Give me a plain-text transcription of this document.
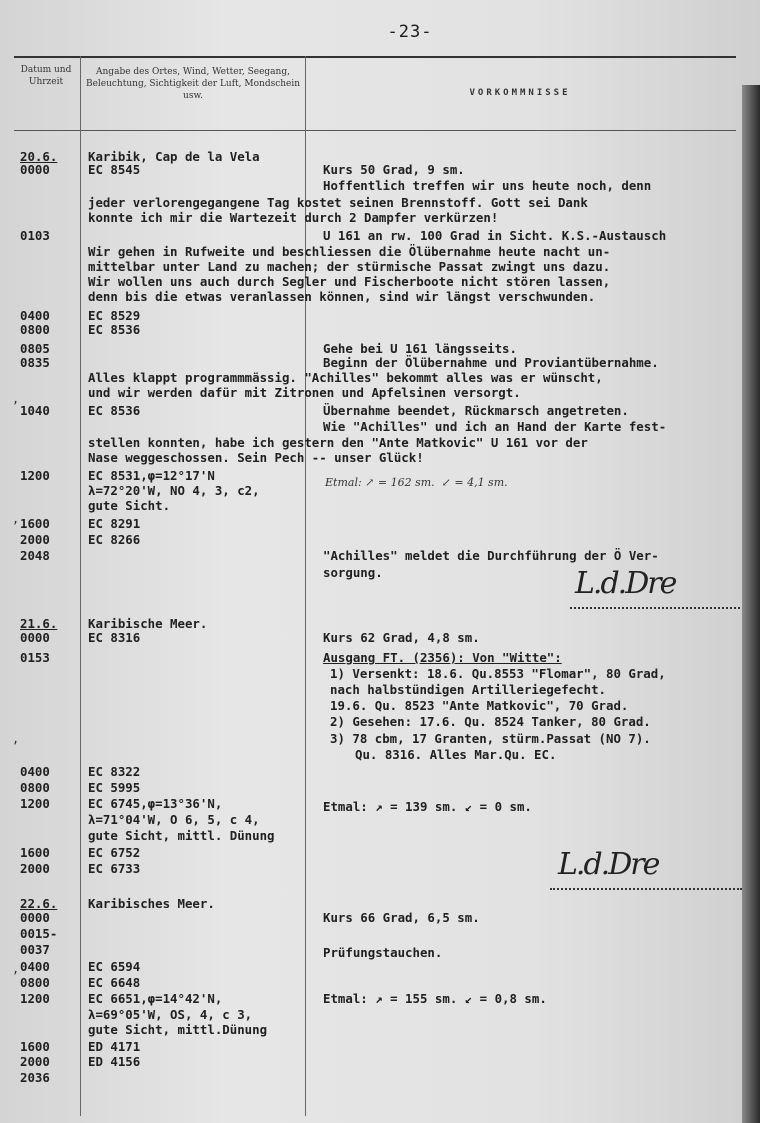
-23-
Datum und Uhrzeit
Angabe des Ortes, Wind, Wetter, Seegang, Beleuchtung, Sichtigkeit der Luft, Mondschein usw.	VORKOMMNISSE
20.6.
0000
0103
0400
0800
0805
0835
1040
1200
1600
2000
2048
21.6.
0000
0153
0400
0800
1200
1600
2000
22.6.
0000
0015-
0037
0400
0800
1200
1600
2000
2036
Karibik, Cap de la Vela
EC 8545
EC 8529
EC 8536
EC 8536
EC 8531,φ=12°17'N
λ=72°20'W, NO 4, 3, c2,
gute Sicht.
EC 8291
EC 8266
Karibische Meer.
EC 8316
EC 8322
EC 5995
EC 6745,φ=13°36'N,
λ=71°04'W, O 6, 5, c 4,
gute Sicht, mittl. Dünung
EC 6752
EC 6733
Karibisches Meer.
EC 6594
EC 6648
EC 6651,φ=14°42'N,
λ=69°05'W, OS, 4, c 3,
gute Sicht, mittl.Dünung
ED 4171
ED 4156
Kurs 50 Grad, 9 sm.
Hoffentlich treffen wir uns heute noch, denn
jeder verlorengegangene Tag kostet seinen Brennstoff. Gott sei Dank
konnte ich mir die Wartezeit durch 2 Dampfer verkürzen!
U 161 an rw. 100 Grad in Sicht. K.S.-Austausch
Wir gehen in Rufweite und beschliessen die Ölübernahme heute nacht un-
mittelbar unter Land zu machen; der stürmische Passat zwingt uns dazu.
Wir wollen uns auch durch Segler und Fischerboote nicht stören lassen,
denn bis die etwas veranlassen können, sind wir längst verschwunden.
Gehe bei U 161 längsseits.
Beginn der Ölübernahme und Proviantübernahme.
Alles klappt programmmässig. "Achilles" bekommt alles was er wünscht,
und wir werden dafür mit Zitronen und Apfelsinen versorgt.
Übernahme beendet, Rückmarsch angetreten.
Wie "Achilles" und ich an Hand der Karte fest-
stellen konnten, habe ich gestern den "Ante Matkovic" U 161 vor der
Nase weggeschossen. Sein Pech -- unser Glück!
Etmal: ↗ = 162 sm.  ↙ = 4,1 sm.
"Achilles" meldet die Durchführung der Ö Ver-
sorgung.	L.d.Dre
Kurs 62 Grad, 4,8 sm.
Ausgang FT. (2356): Von "Witte":
1) Versenkt: 18.6. Qu.8553 "Flomar", 80 Grad,
nach halbstündigen Artilleriegefecht.
19.6. Qu. 8523 "Ante Matkovic", 70 Grad.
2) Gesehen: 17.6. Qu. 8524 Tanker, 80 Grad.
3) 78 cbm, 17 Granten, stürm.Passat (NO 7).
Qu. 8316. Alles Mar.Qu. EC.
Etmal: ↗ = 139 sm. ↙ = 0 sm.
L.d.Dre
Kurs 66 Grad, 6,5 sm.
Prüfungstauchen.
Etmal: ↗ = 155 sm. ↙ = 0,8 sm.
,
,
,
,
